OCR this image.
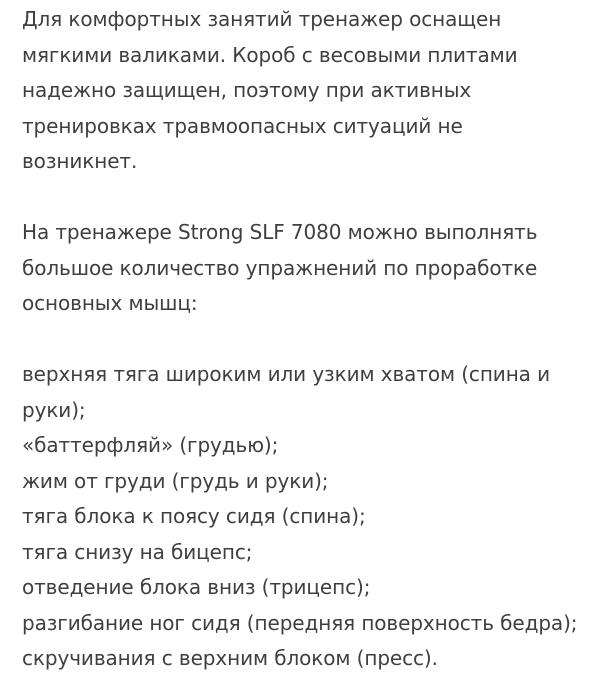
Для комфортных занятий тренажер оснащен мягкими валиками. Короб с весовыми плитами надежно защищен, поэтому при активных тренировках травмоопасных ситуаций не возникнет.

На тренажере Strong SLF 7080 можно выполнять большое количество упражнений по проработке основных мышц:

верхняя тяга широким или узким хватом (спина и руки);
«баттерфляй» (грудью);
жим от груди (грудь и руки);
тяга блока к поясу сидя (спина);
тяга снизу на бицепс;
отведение блока вниз (трицепс);
разгибание ног сидя (передняя поверхность бедра);
скручивания с верхним блоком (пресс).
